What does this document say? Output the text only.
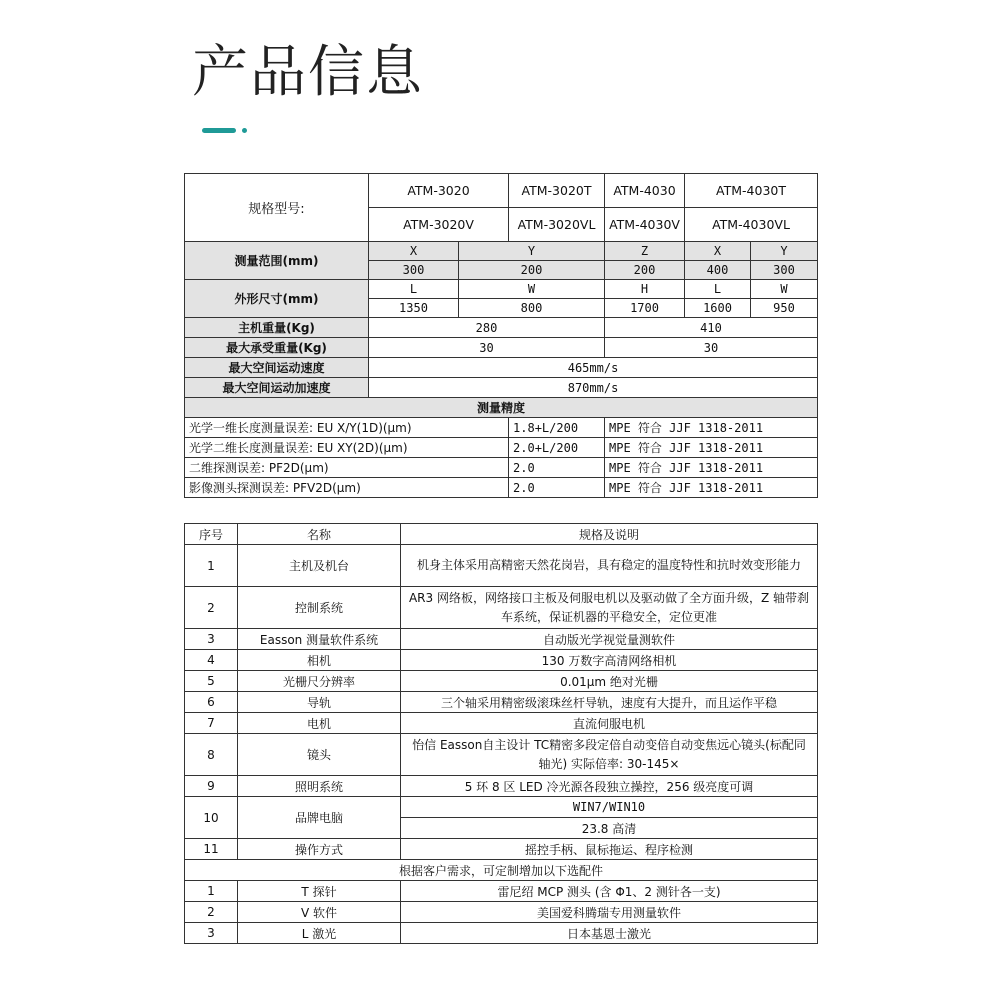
产品信息
规格型号:	ATM-3020		ATM-3020T	ATM-4030	ATM-4030T		
	ATM-3020V		ATM-3020VL	ATM-4030V	ATM-4030VL		
测量范围(mm)	X	Y		Z	X	Y	
	300	200		200	400	300	
外形尺寸(mm)	L	W		H	L	W	
	1350	800		1700	1600	950	
主机重量(Kg)	280			410			
最大承受重量(Kg)	30			30			
最大空间运动速度	465mm/s						
最大空间运动加速度	870mm/s						
测量精度							
光学一维长度测量误差: EU X/Y(1D)(μm)			1.8+L/200	MPE 符合 JJF 1318-2011			
光学二维长度测量误差: EU XY(2D)(μm)			2.0+L/200	MPE 符合 JJF 1318-2011			
二维探测误差: PF2D(μm)			2.0	MPE 符合 JJF 1318-2011			
影像测头探测误差: PFV2D(μm)			2.0	MPE 符合 JJF 1318-2011			
序号	名称	规格及说明
1	主机及机台	机身主体采用高精密天然花岗岩，具有稳定的温度特性和抗时效变形能力
2	控制系统	AR3 网络板，网络接口主板及伺服电机以及驱动做了全方面升级，Z 轴带刹车系统，保证机器的平稳安全，定位更准
3	Easson 测量软件系统	自动版光学视觉量测软件
4	相机	130 万数字高清网络相机
5	光栅尺分辨率	0.01μm 绝对光栅
6	导轨	三个轴采用精密级滚珠丝杆导轨，速度有大提升，而且运作平稳
7	电机	直流伺服电机
8	镜头	怡信 Easson自主设计 TC精密多段定倍自动变倍自动变焦远心镜头(标配同轴光) 实际倍率: 30-145×
9	照明系统	5 环 8 区 LED 冷光源各段独立操控，256 级亮度可调
10	品牌电脑	WIN7/WIN10
		23.8 高清
11	操作方式	摇控手柄、鼠标拖运、程序检测
根据客户需求，可定制增加以下选配件		
1	T 探针	雷尼绍 MCP 测头 (含 Φ1、2 测针各一支)
2	V 软件	美国爱科腾瑞专用测量软件
3	L 激光	日本基恩士激光
